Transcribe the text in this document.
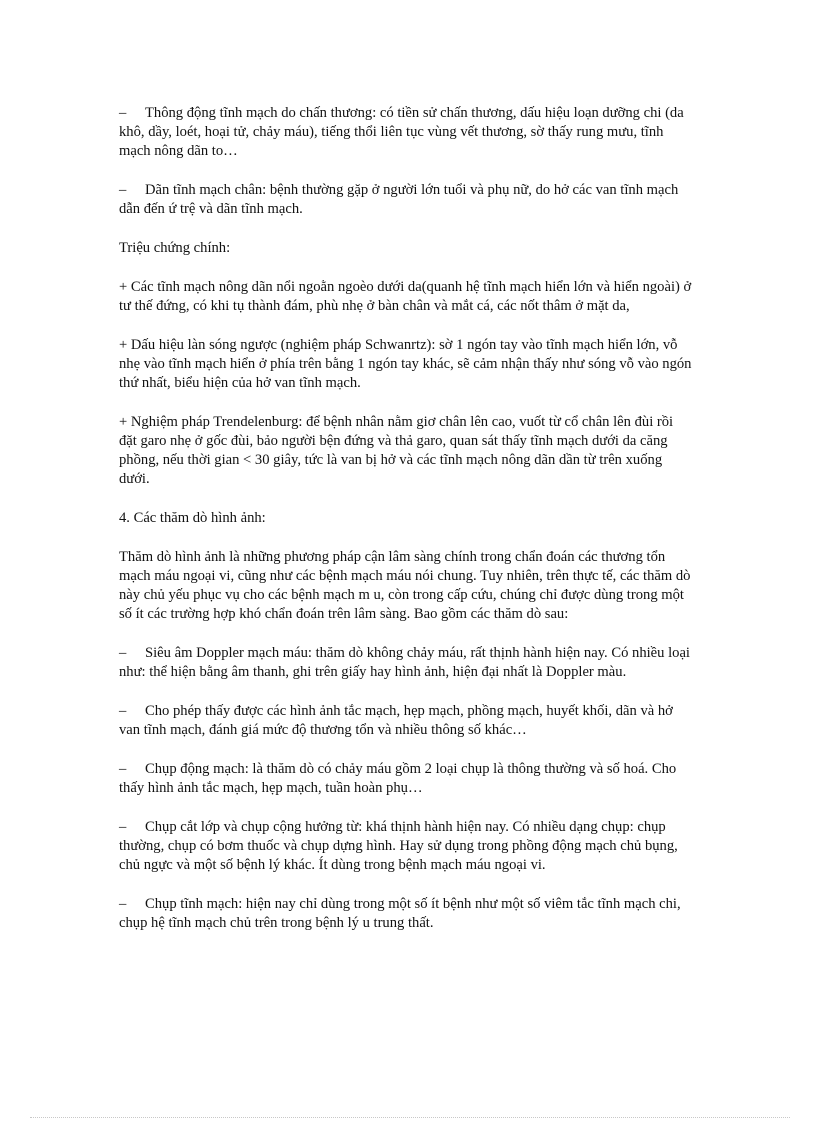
– Thông động tĩnh mạch do chấn thương: có tiền sử chấn thương, dấu hiệu loạn dưỡng chi (da khô, dầy, loét, hoại tử, chảy máu), tiếng thổi liên tục vùng vết thương, sờ thấy rung mưu, tĩnh mạch nông dãn to…

– Dãn tĩnh mạch chân: bệnh thường gặp ở người lớn tuổi và phụ nữ, do hở các van tĩnh mạch dẫn đến ứ trệ và dãn tĩnh mạch.

Triệu chứng chính:

+ Các tĩnh mạch nông dãn nổi ngoằn ngoèo dưới da(quanh hệ tĩnh mạch hiển lớn và hiển ngoài) ở tư thế đứng, có khi tụ thành đám, phù nhẹ ở bàn chân và mắt cá, các nốt thâm ở mặt da,

+ Dấu hiệu làn sóng ngược (nghiệm pháp Schwanrtz): sờ 1 ngón tay vào tĩnh mạch hiển lớn, vỗ nhẹ vào tĩnh mạch hiển ở phía trên bằng 1 ngón tay khác, sẽ cảm nhận thấy như sóng vỗ vào ngón thứ nhất, biểu hiện của hở van tĩnh mạch.

+ Nghiệm pháp Trendelenburg: để bệnh nhân nằm giơ chân lên cao, vuốt từ cổ chân lên đùi rồi đặt garo nhẹ ở gốc đùi, bảo người bện đứng và thả garo, quan sát thấy tĩnh mạch dưới da căng phồng, nếu thời gian < 30 giây, tức là van bị hở và các tĩnh mạch nông dãn dần từ trên xuống dưới.

4. Các thăm dò hình ảnh:

Thăm dò hình ảnh là những phương pháp cận lâm sàng chính trong chẩn đoán các thương tổn mạch máu ngoại vi, cũng như các bệnh mạch máu nói chung. Tuy nhiên, trên thực tế, các thăm dò này chủ yếu phục vụ cho các bệnh mạch m u, còn trong cấp cứu, chúng chỉ được dùng trong một số ít các trường hợp khó chẩn đoán trên lâm sàng. Bao gồm các thăm dò sau:

– Siêu âm Doppler mạch máu: thăm dò không chảy máu, rất thịnh hành hiện nay. Có nhiều loại như: thể hiện bằng âm thanh, ghi trên giấy hay hình ảnh, hiện đại nhất là Doppler màu.

– Cho phép thấy được các hình ảnh tắc mạch, hẹp mạch, phồng mạch, huyết khối, dãn và hở van tĩnh mạch, đánh giá mức độ thương tổn và nhiều thông số khác…

– Chụp động mạch: là thăm dò có chảy máu gồm 2 loại chụp là thông thường và số hoá. Cho thấy hình ảnh tắc mạch, hẹp mạch, tuần hoàn phụ…

– Chụp cắt lớp và chụp cộng hưởng từ: khá thịnh hành hiện nay. Có nhiều dạng chụp: chụp thường, chụp có bơm thuốc và chụp dựng hình. Hay sử dụng trong phồng động mạch chủ bụng, chủ ngực và một số bệnh lý khác. Ít dùng trong bệnh mạch máu ngoại vi.

– Chụp tĩnh mạch: hiện nay chỉ dùng trong một số ít bệnh như một số viêm tắc tĩnh mạch chi, chụp hệ tĩnh mạch chủ trên trong bệnh lý u trung thất.
